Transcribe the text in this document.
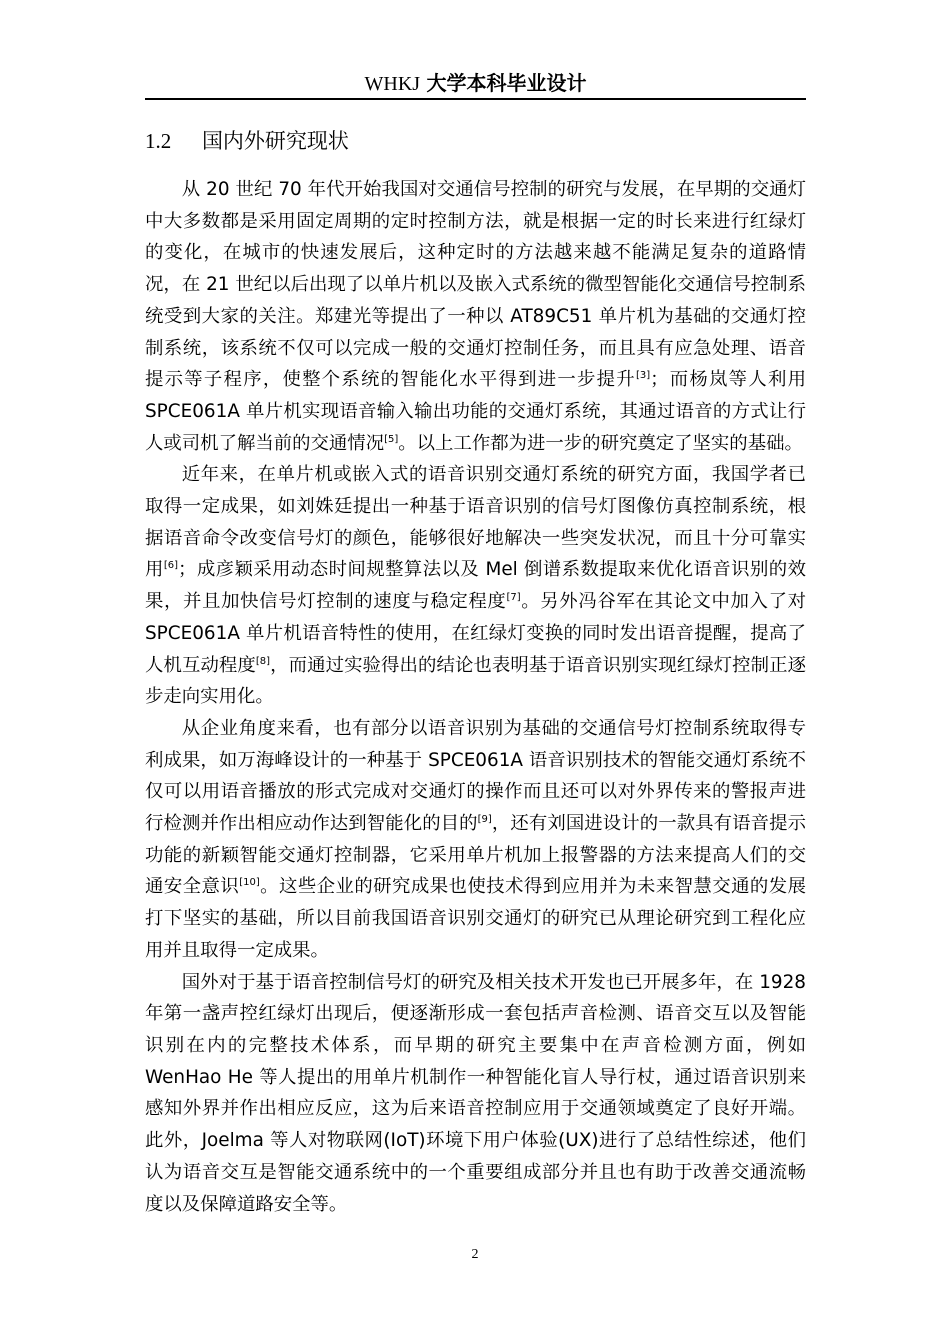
WHKJ 大学本科毕业设计
1.2 国内外研究现状

从 20 世纪 70 年代开始我国对交通信号控制的研究与发展，在早期的交通灯中大多数都是采用固定周期的定时控制方法，就是根据一定的时长来进行红绿灯的变化，在城市的快速发展后，这种定时的方法越来越不能满足复杂的道路情况，在 21 世纪以后出现了以单片机以及嵌入式系统的微型智能化交通信号控制系统受到大家的关注。郑建光等提出了一种以 AT89C51 单片机为基础的交通灯控制系统，该系统不仅可以完成一般的交通灯控制任务，而且具有应急处理、语音提示等子程序，使整个系统的智能化水平得到进一步提升[3]；而杨岚等人利用 SPCE061A 单片机实现语音输入输出功能的交通灯系统，其通过语音的方式让行人或司机了解当前的交通情况[5]。以上工作都为进一步的研究奠定了坚实的基础。

近年来，在单片机或嵌入式的语音识别交通灯系统的研究方面，我国学者已取得一定成果，如刘姝廷提出一种基于语音识别的信号灯图像仿真控制系统，根据语音命令改变信号灯的颜色，能够很好地解决一些突发状况，而且十分可靠实用[6]；成彦颖采用动态时间规整算法以及 Mel 倒谱系数提取来优化语音识别的效果，并且加快信号灯控制的速度与稳定程度[7]。另外冯谷军在其论文中加入了对 SPCE061A 单片机语音特性的使用，在红绿灯变换的同时发出语音提醒，提高了人机互动程度[8]，而通过实验得出的结论也表明基于语音识别实现红绿灯控制正逐步走向实用化。

从企业角度来看，也有部分以语音识别为基础的交通信号灯控制系统取得专利成果，如万海峰设计的一种基于 SPCE061A 语音识别技术的智能交通灯系统不仅可以用语音播放的形式完成对交通灯的操作而且还可以对外界传来的警报声进行检测并作出相应动作达到智能化的目的[9]，还有刘国进设计的一款具有语音提示功能的新颖智能交通灯控制器，它采用单片机加上报警器的方法来提高人们的交通安全意识[10]。这些企业的研究成果也使技术得到应用并为未来智慧交通的发展打下坚实的基础，所以目前我国语音识别交通灯的研究已从理论研究到工程化应用并且取得一定成果。

国外对于基于语音控制信号灯的研究及相关技术开发也已开展多年，在 1928 年第一盏声控红绿灯出现后，便逐渐形成一套包括声音检测、语音交互以及智能识别在内的完整技术体系，而早期的研究主要集中在声音检测方面，例如 WenHao He 等人提出的用单片机制作一种智能化盲人导行杖，通过语音识别来感知外界并作出相应反应，这为后来语音控制应用于交通领域奠定了良好开端。此外，Joelma 等人对物联网(IoT)环境下用户体验(UX)进行了总结性综述，他们认为语音交互是智能交通系统中的一个重要组成部分并且也有助于改善交通流畅度以及保障道路安全等。

2
